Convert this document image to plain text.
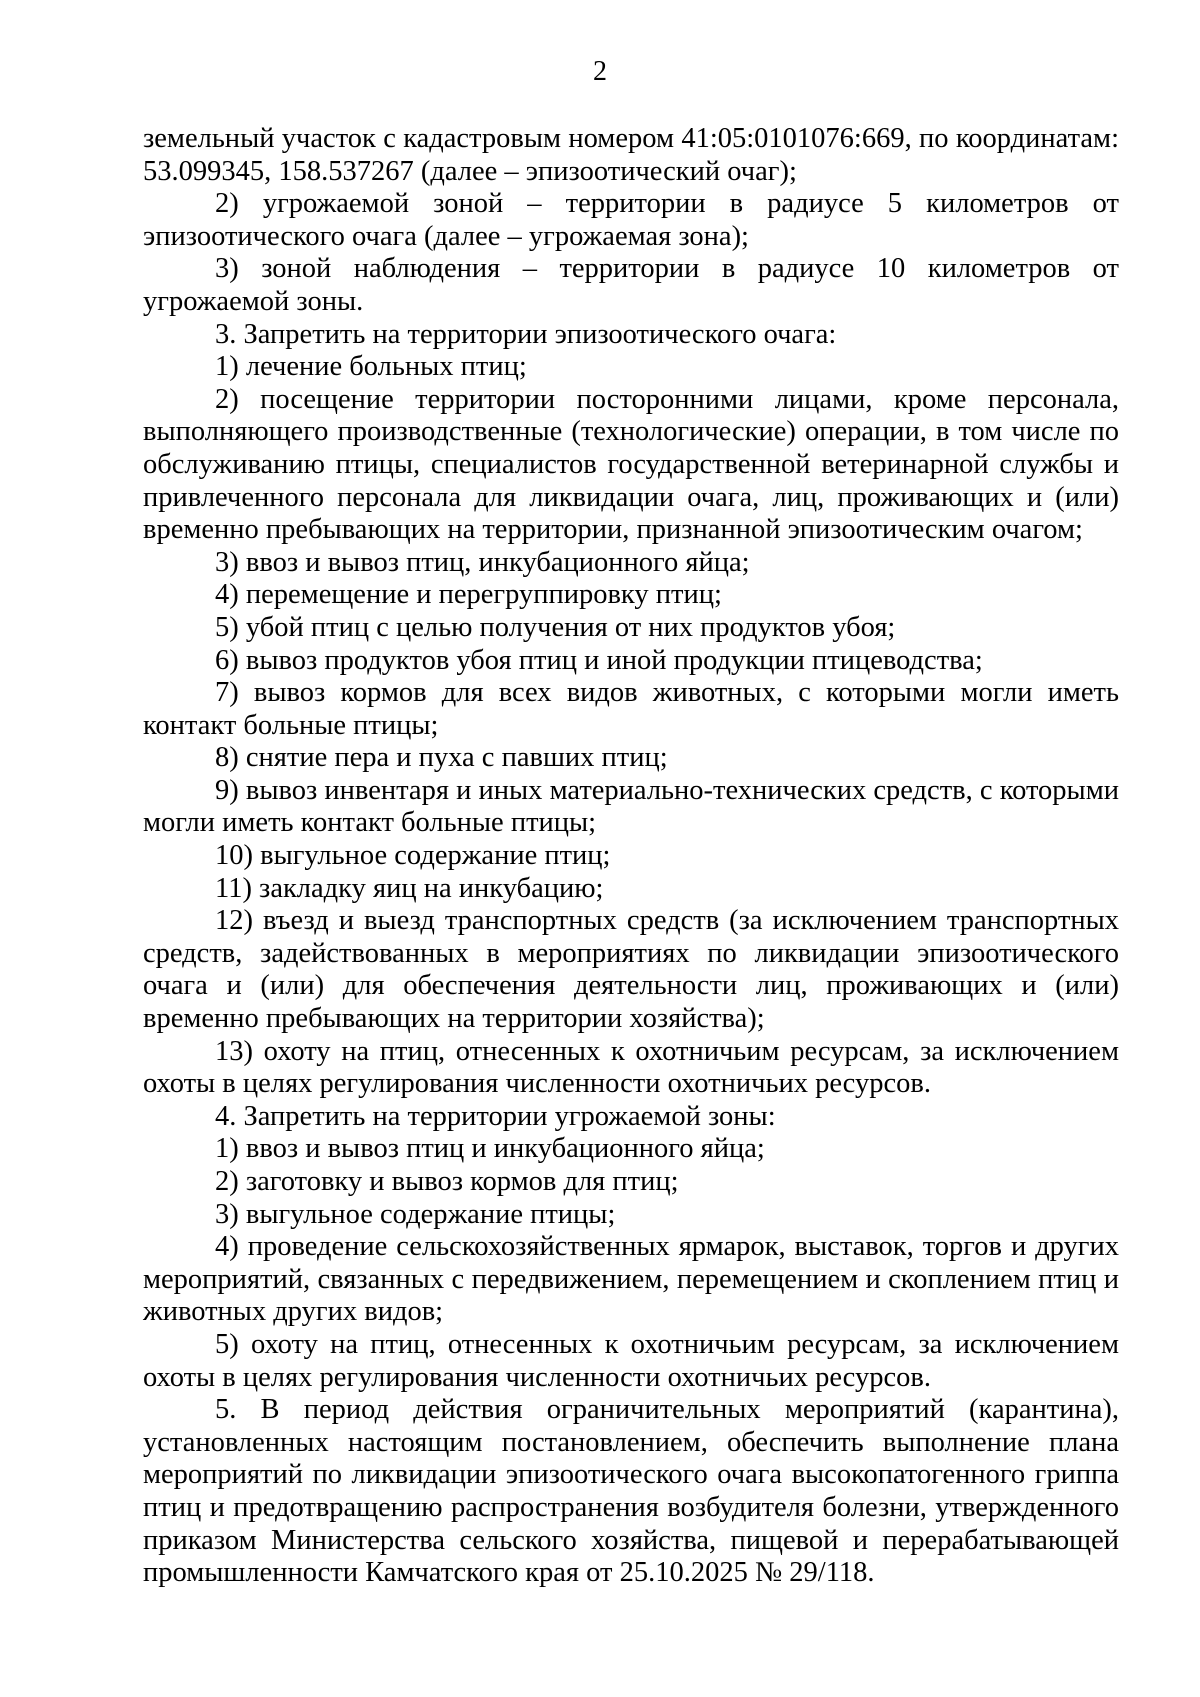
2

земельный участок с кадастровым номером 41:05:0101076:669, по координатам: 53.099345, 158.537267 (далее – эпизоотический очаг);

2) угрожаемой зоной – территории в радиусе 5 километров от эпизоотического очага (далее – угрожаемая зона);

3) зоной наблюдения – территории в радиусе 10 километров от угрожаемой зоны.

3. Запретить на территории эпизоотического очага:

1) лечение больных птиц;

2) посещение территории посторонними лицами, кроме персонала, выполняющего производственные (технологические) операции, в том числе по обслуживанию птицы, специалистов государственной ветеринарной службы и привлеченного персонала для ликвидации очага, лиц, проживающих и (или) временно пребывающих на территории, признанной эпизоотическим очагом;

3) ввоз и вывоз птиц, инкубационного яйца;

4) перемещение и перегруппировку птиц;

5) убой птиц с целью получения от них продуктов убоя;

6) вывоз продуктов убоя птиц и иной продукции птицеводства;

7) вывоз кормов для всех видов животных, с которыми могли иметь контакт больные птицы;

8) снятие пера и пуха с павших птиц;

9) вывоз инвентаря и иных материально-технических средств, с которыми могли иметь контакт больные птицы;

10) выгульное содержание птиц;

11) закладку яиц на инкубацию;

12) въезд и выезд транспортных средств (за исключением транспортных средств, задействованных в мероприятиях по ликвидации эпизоотического очага и (или) для обеспечения деятельности лиц, проживающих и (или) временно пребывающих на территории хозяйства);

13) охоту на птиц, отнесенных к охотничьим ресурсам, за исключением охоты в целях регулирования численности охотничьих ресурсов.

4. Запретить на территории угрожаемой зоны:

1) ввоз и вывоз птиц и инкубационного яйца;

2) заготовку и вывоз кормов для птиц;

3) выгульное содержание птицы;

4) проведение сельскохозяйственных ярмарок, выставок, торгов и других мероприятий, связанных с передвижением, перемещением и скоплением птиц и животных других видов;

5) охоту на птиц, отнесенных к охотничьим ресурсам, за исключением охоты в целях регулирования численности охотничьих ресурсов.

5. В период действия ограничительных мероприятий (карантина), установленных настоящим постановлением, обеспечить выполнение плана мероприятий по ликвидации эпизоотического очага высокопатогенного гриппа птиц и предотвращению распространения возбудителя болезни, утвержденного приказом Министерства сельского хозяйства, пищевой и перерабатывающей промышленности Камчатского края от 25.10.2025 № 29/118.
